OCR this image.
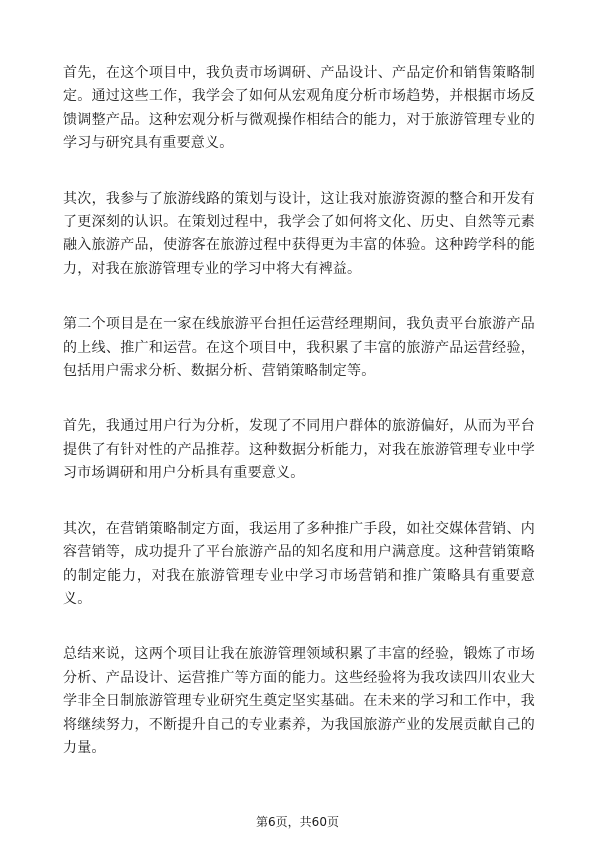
首先，在这个项目中，我负责市场调研、产品设计、产品定价和销售策略制定。通过这些工作，我学会了如何从宏观角度分析市场趋势，并根据市场反馈调整产品。这种宏观分析与微观操作相结合的能力，对于旅游管理专业的学习与研究具有重要意义。

其次，我参与了旅游线路的策划与设计，这让我对旅游资源的整合和开发有了更深刻的认识。在策划过程中，我学会了如何将文化、历史、自然等元素融入旅游产品，使游客在旅游过程中获得更为丰富的体验。这种跨学科的能力，对我在旅游管理专业的学习中将大有裨益。

第二个项目是在一家在线旅游平台担任运营经理期间，我负责平台旅游产品的上线、推广和运营。在这个项目中，我积累了丰富的旅游产品运营经验，包括用户需求分析、数据分析、营销策略制定等。

首先，我通过用户行为分析，发现了不同用户群体的旅游偏好，从而为平台提供了有针对性的产品推荐。这种数据分析能力，对我在旅游管理专业中学习市场调研和用户分析具有重要意义。

其次，在营销策略制定方面，我运用了多种推广手段，如社交媒体营销、内容营销等，成功提升了平台旅游产品的知名度和用户满意度。这种营销策略的制定能力，对我在旅游管理专业中学习市场营销和推广策略具有重要意义。

总结来说，这两个项目让我在旅游管理领域积累了丰富的经验，锻炼了市场分析、产品设计、运营推广等方面的能力。这些经验将为我攻读四川农业大学非全日制旅游管理专业研究生奠定坚实基础。在未来的学习和工作中，我将继续努力，不断提升自己的专业素养，为我国旅游产业的发展贡献自己的力量。

第6页，共60页
